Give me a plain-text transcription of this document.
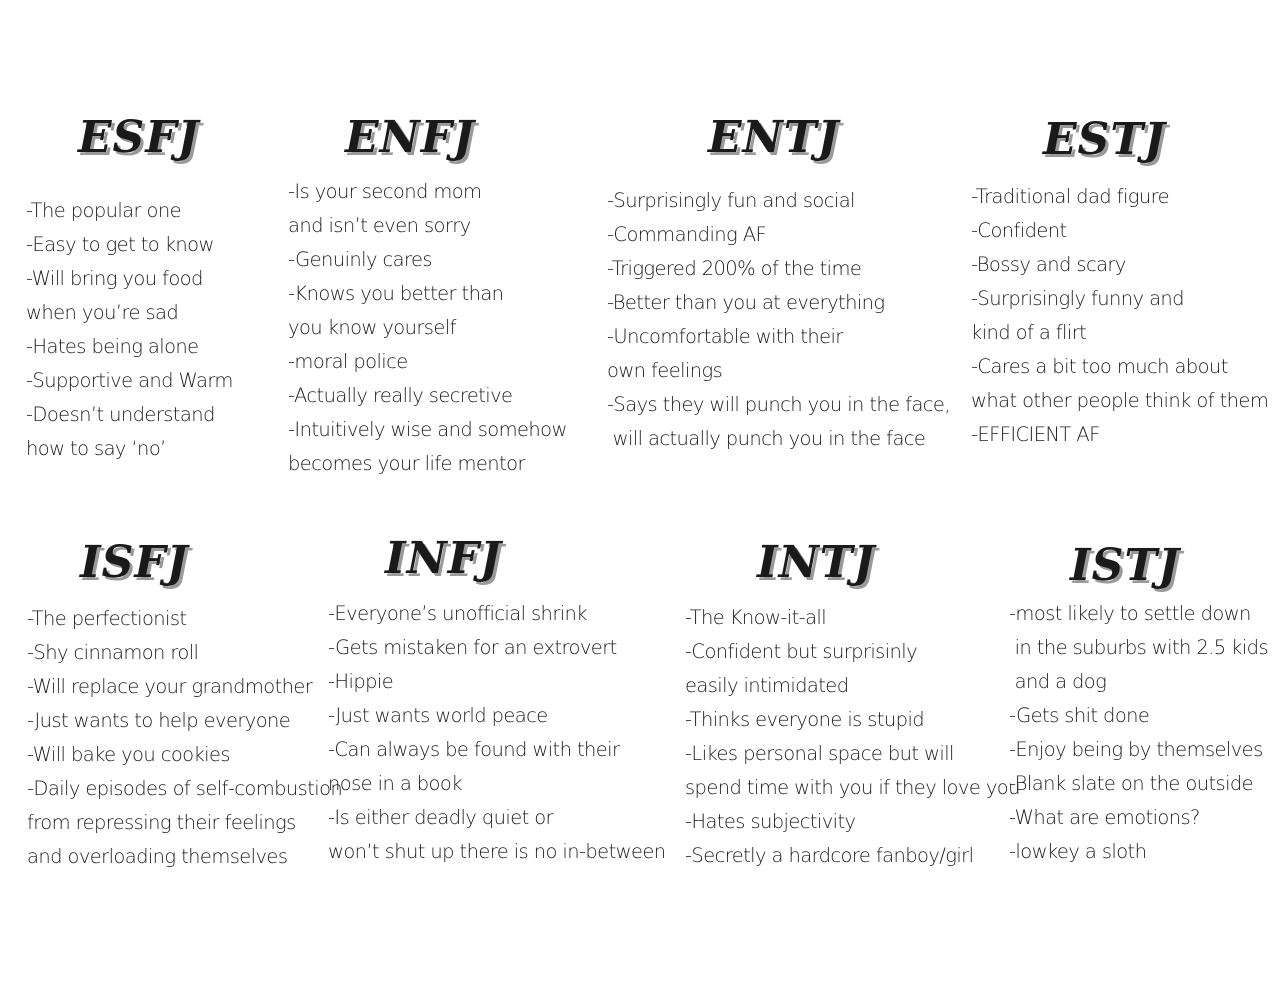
ESFJ
-The popular one
-Easy to get to know
-Will bring you food
when you’re sad
-Hates being alone
-Supportive and Warm
-Doesn’t understand
how to say ‘no’
ENFJ
-Is your second mom
and isn’t even sorry
-Genuinly cares
-Knows you better than
you know yourself
-moral police
-Actually really secretive
-Intuitively wise and somehow
becomes your life mentor
ENTJ
-Surprisingly fun and social
-Commanding AF
-Triggered 200% of the time
-Better than you at everything
-Uncomfortable with their
own feelings
-Says they will punch you in the face,
will actually punch you in the face
ESTJ
-Traditional dad figure
-Confident
-Bossy and scary
-Surprisingly funny and
kind of a flirt
-Cares a bit too much about
what other people think of them
-EFFICIENT AF
ISFJ
-The perfectionist
-Shy cinnamon roll
-Will replace your grandmother
-Just wants to help everyone
-Will bake you cookies
-Daily episodes of self-combustion
from repressing their feelings
and overloading themselves
INFJ
-Everyone’s unofficial shrink
-Gets mistaken for an extrovert
-Hippie
-Just wants world peace
-Can always be found with their
nose in a book
-Is either deadly quiet or
won’t shut up there is no in-between
INTJ
-The Know-it-all
-Confident but surprisinly
easily intimidated
-Thinks everyone is stupid
-Likes personal space but will
spend time with you if they love you
-Hates subjectivity
-Secretly a hardcore fanboy/girl
ISTJ
-most likely to settle down
in the suburbs with 2.5 kids
and a dog
-Gets shit done
-Enjoy being by themselves
-Blank slate on the outside
-What are emotions?
-lowkey a sloth
